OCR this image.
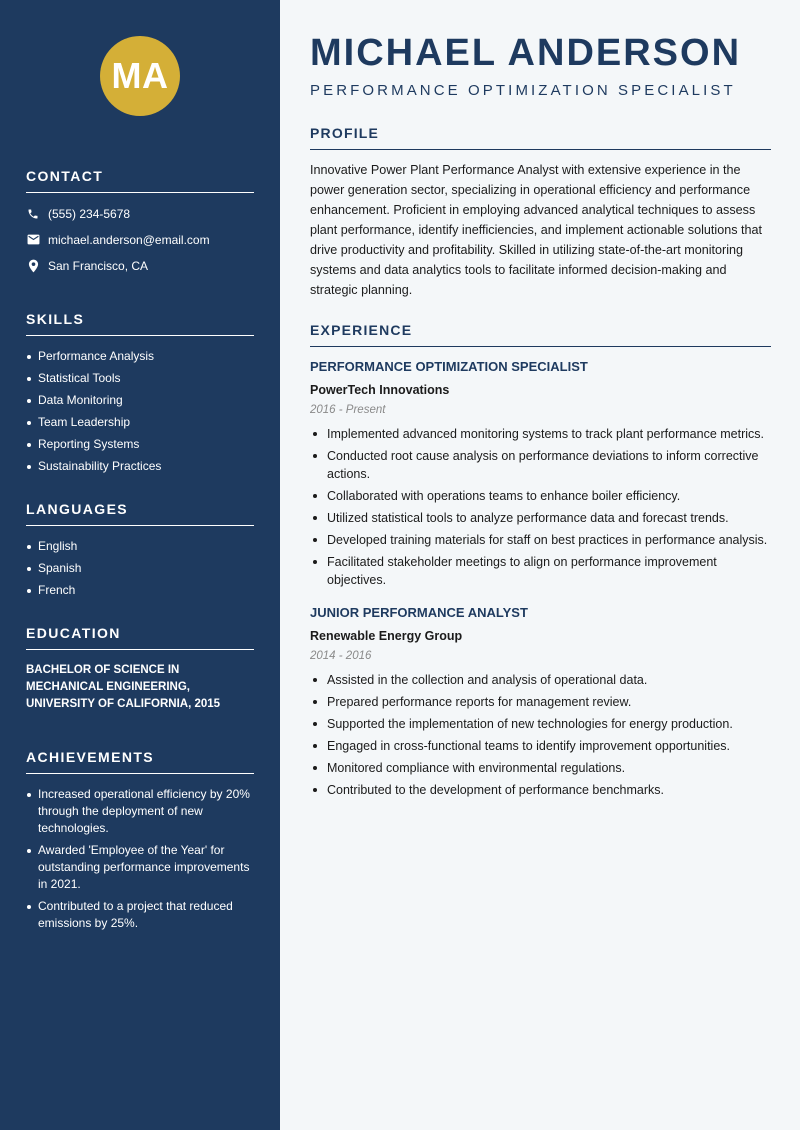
MA
CONTACT
(555) 234-5678
michael.anderson@email.com
San Francisco, CA
SKILLS
Performance Analysis
Statistical Tools
Data Monitoring
Team Leadership
Reporting Systems
Sustainability Practices
LANGUAGES
English
Spanish
French
EDUCATION

BACHELOR OF SCIENCE IN MECHANICAL ENGINEERING, UNIVERSITY OF CALIFORNIA, 2015

ACHIEVEMENTS
Increased operational efficiency by 20% through the deployment of new technologies.
Awarded 'Employee of the Year' for outstanding performance improvements in 2021.
Contributed to a project that reduced emissions by 25%.
MICHAEL ANDERSON
PERFORMANCE OPTIMIZATION SPECIALIST
PROFILE

Innovative Power Plant Performance Analyst with extensive experience in the power generation sector, specializing in operational efficiency and performance enhancement. Proficient in employing advanced analytical techniques to assess plant performance, identify inefficiencies, and implement actionable solutions that drive productivity and profitability. Skilled in utilizing state-of-the-art monitoring systems and data analytics tools to facilitate informed decision-making and strategic planning.

EXPERIENCE
PERFORMANCE OPTIMIZATION SPECIALIST
PowerTech Innovations
2016 - Present
Implemented advanced monitoring systems to track plant performance metrics.
Conducted root cause analysis on performance deviations to inform corrective actions.
Collaborated with operations teams to enhance boiler efficiency.
Utilized statistical tools to analyze performance data and forecast trends.
Developed training materials for staff on best practices in performance analysis.
Facilitated stakeholder meetings to align on performance improvement objectives.
JUNIOR PERFORMANCE ANALYST
Renewable Energy Group
2014 - 2016
Assisted in the collection and analysis of operational data.
Prepared performance reports for management review.
Supported the implementation of new technologies for energy production.
Engaged in cross-functional teams to identify improvement opportunities.
Monitored compliance with environmental regulations.
Contributed to the development of performance benchmarks.
